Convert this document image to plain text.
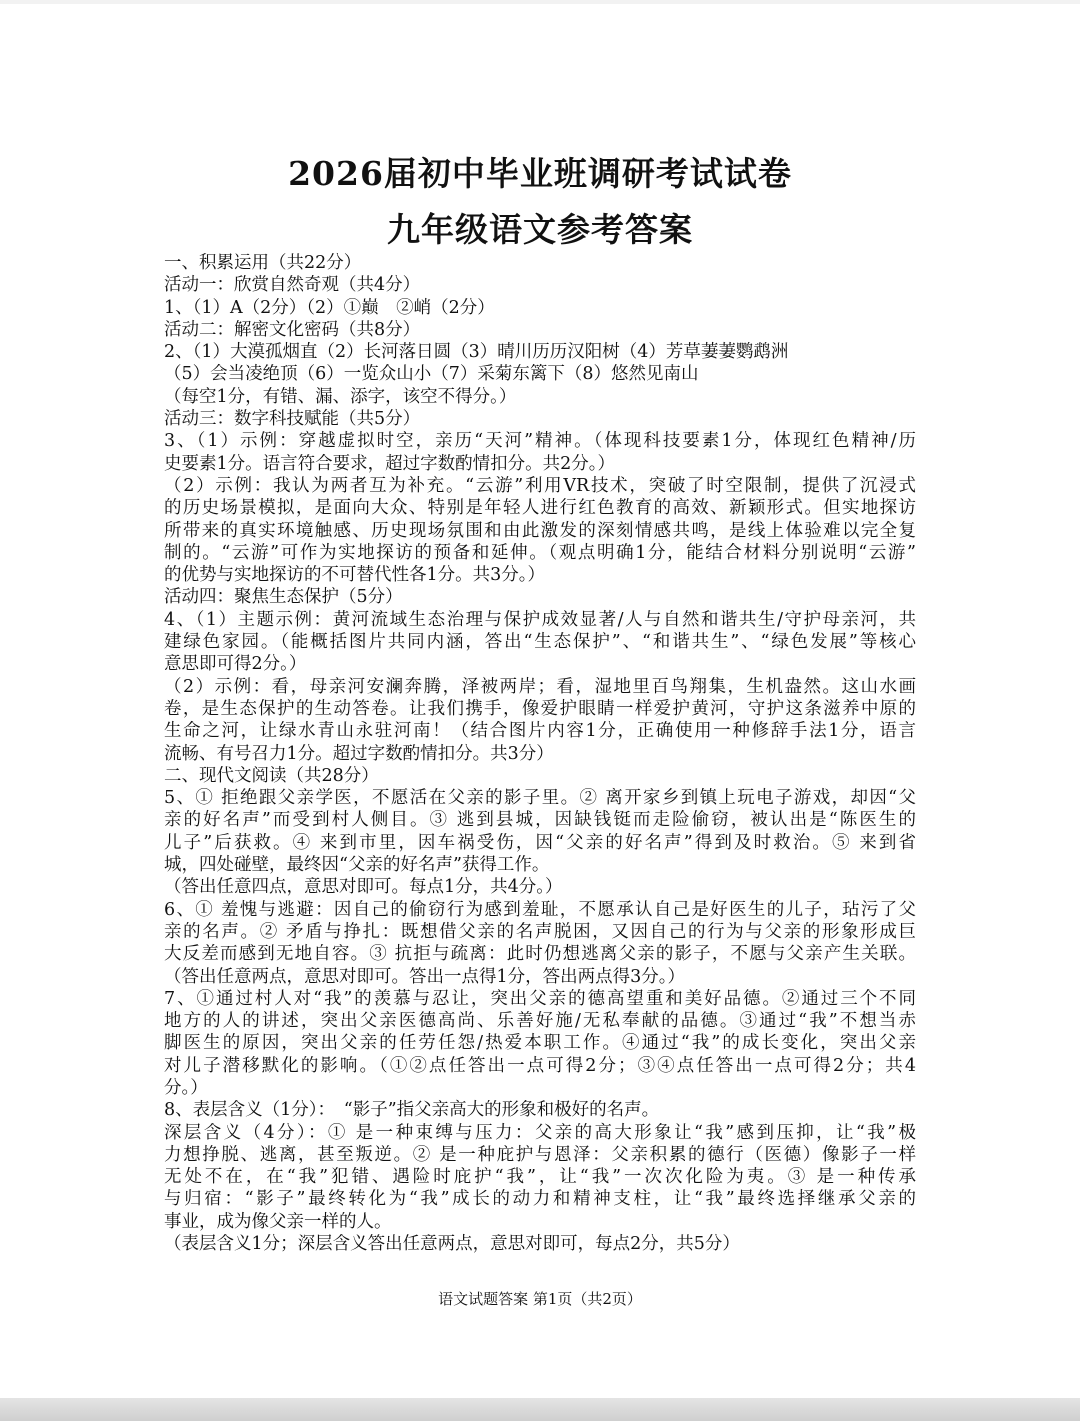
2026届初中毕业班调研考试试卷
九年级语文参考答案
一、积累运用（共22分）
活动一：欣赏自然奇观（共4分）
1、（1）A（2分）（2）①巅　②峭（2分）
活动二：解密文化密码（共8分）
2、（1）大漠孤烟直（2）长河落日圆（3）晴川历历汉阳树（4）芳草萋萋鹦鹉洲
（5）会当凌绝顶（6）一览众山小（7）采菊东篱下（8）悠然见南山
（每空1分，有错、漏、添字，该空不得分。）
活动三：数字科技赋能（共5分）
3、（1）示例：穿越虚拟时空，亲历“天河”精神。（体现科技要素1分，体现红色精神/历
史要素1分。语言符合要求，超过字数酌情扣分。共2分。）
（2）示例：我认为两者互为补充。“云游”利用VR技术，突破了时空限制，提供了沉浸式
的历史场景模拟，是面向大众、特别是年轻人进行红色教育的高效、新颖形式。但实地探访
所带来的真实环境触感、历史现场氛围和由此激发的深刻情感共鸣，是线上体验难以完全复
制的。“云游”可作为实地探访的预备和延伸。（观点明确1分，能结合材料分别说明“云游”
的优势与实地探访的不可替代性各1分。共3分。）
活动四：聚焦生态保护（5分）
4、（1）主题示例：黄河流域生态治理与保护成效显著/人与自然和谐共生/守护母亲河，共
建绿色家园。（能概括图片共同内涵，答出“生态保护”、“和谐共生”、“绿色发展”等核心
意思即可得2分。）
（2）示例：看，母亲河安澜奔腾，泽被两岸；看，湿地里百鸟翔集，生机盎然。这山水画
卷，是生态保护的生动答卷。让我们携手，像爱护眼睛一样爱护黄河，守护这条滋养中原的
生命之河，让绿水青山永驻河南！（结合图片内容1分，正确使用一种修辞手法1分，语言
流畅、有号召力1分。超过字数酌情扣分。共3分）
二、现代文阅读（共28分）
5、① 拒绝跟父亲学医，不愿活在父亲的影子里。② 离开家乡到镇上玩电子游戏，却因“父
亲的好名声”而受到村人侧目。③ 逃到县城，因缺钱铤而走险偷窃，被认出是“陈医生的
儿子”后获救。④ 来到市里，因车祸受伤，因“父亲的好名声”得到及时救治。⑤ 来到省
城，四处碰壁，最终因“父亲的好名声”获得工作。
（答出任意四点，意思对即可。每点1分，共4分。）
6、① 羞愧与逃避：因自己的偷窃行为感到羞耻，不愿承认自己是好医生的儿子，玷污了父
亲的名声。② 矛盾与挣扎：既想借父亲的名声脱困，又因自己的行为与父亲的形象形成巨
大反差而感到无地自容。③ 抗拒与疏离：此时仍想逃离父亲的影子，不愿与父亲产生关联。
（答出任意两点，意思对即可。答出一点得1分，答出两点得3分。）
7、①通过村人对“我”的羡慕与忍让，突出父亲的德高望重和美好品德。②通过三个不同
地方的人的讲述，突出父亲医德高尚、乐善好施/无私奉献的品德。③通过“我”不想当赤
脚医生的原因，突出父亲的任劳任怨/热爱本职工作。④通过“我”的成长变化，突出父亲
对儿子潜移默化的影响。（①②点任答出一点可得2分；③④点任答出一点可得2分；共4
分。）
8、表层含义（1分）：　“影子”指父亲高大的形象和极好的名声。
深层含义（4分）：① 是一种束缚与压力：父亲的高大形象让“我”感到压抑，让“我”极
力想挣脱、逃离，甚至叛逆。② 是一种庇护与恩泽：父亲积累的德行（医德）像影子一样
无处不在，在“我”犯错、遇险时庇护“我”，让“我”一次次化险为夷。③ 是一种传承
与归宿：“影子”最终转化为“我”成长的动力和精神支柱，让“我”最终选择继承父亲的
事业，成为像父亲一样的人。
（表层含义1分；深层含义答出任意两点，意思对即可，每点2分，共5分）
语文试题答案 第1页（共2页）
